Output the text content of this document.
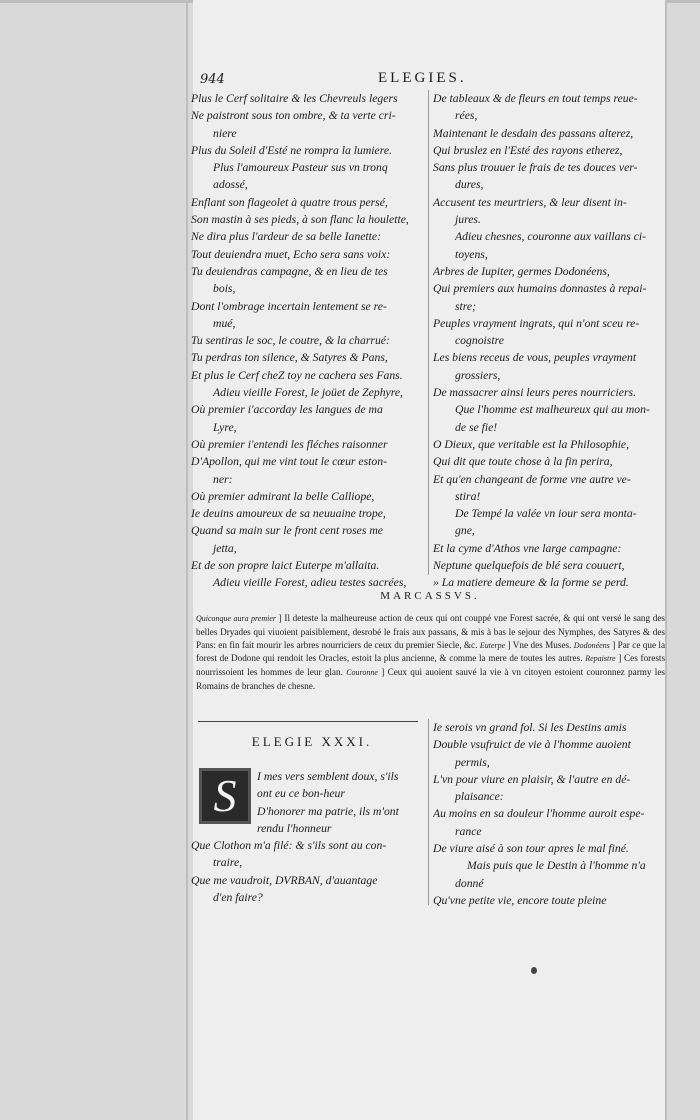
944	ELEGIES.
Plus le Cerf solitaire & les Chevreuls legers
Ne paistront sous ton ombre, & ta verte cri-
niere
Plus du Soleil d'Esté ne rompra la lumiere.
Plus l'amoureux Pasteur sus vn tronq
adossé,
Enflant son flageolet à quatre trous persé,
Son mastin à ses pieds, à son flanc la houlette,
Ne dira plus l'ardeur de sa belle Ianette:
Tout deuiendra muet, Echo sera sans voix:
Tu deuiendras campagne, & en lieu de tes
bois,
Dont l'ombrage incertain lentement se re-
mué,
Tu sentiras le soc, le coutre, & la charrué:
Tu perdras ton silence, & Satyres & Pans,
Et plus le Cerf cheZ toy ne cachera ses Fans.
Adieu vieille Forest, le joüet de Zephyre,
Où premier i'accorday les langues de ma
Lyre,
Où premier i'entendi les fléches raisonner
D'Apollon, qui me vint tout le cœur eston-
ner:
Où premier admirant la belle Calliope,
Ie deuins amoureux de sa neuuaine trope,
Quand sa main sur le front cent roses me
jetta,
Et de son propre laict Euterpe m'allaita.
Adieu vieille Forest, adieu testes sacrées,
De tableaux & de fleurs en tout temps reue-
rées,
Maintenant le desdain des passans alterez,
Qui bruslez en l'Esté des rayons etherez,
Sans plus trouuer le frais de tes douces ver-
dures,
Accusent tes meurtriers, & leur disent in-
jures.
Adieu chesnes, couronne aux vaillans ci-
toyens,
Arbres de Iupiter, germes Dodonéens,
Qui premiers aux humains donnastes à repai-
stre;
Peuples vrayment ingrats, qui n'ont sceu re-
cognoistre
Les biens receus de vous, peuples vrayment
grossiers,
De massacrer ainsi leurs peres nourriciers.
Que l'homme est malheureux qui au mon-
de se fie!
O Dieux, que veritable est la Philosophie,
Qui dit que toute chose à la fin perira,
Et qu'en changeant de forme vne autre ve-
stira!
De Tempé la valée vn iour sera monta-
gne,
Et la cyme d'Athos vne large campagne:
Neptune quelquefois de blé sera couuert,
» La matiere demeure & la forme se perd.
MARCASSVS.
Quiconque aura premier ] Il deteste la malheureuse action de ceux qui ont couppé vne Forest sacrée, & qui ont versé le sang des belles Dryades qui viuoient paisiblement, desrobé le frais aux passans, & mis à bas le sejour des Nymphes, des Satyres & des Pans: en fin fait mourir les arbres nourriciers de ceux du premier Siecle, &c. Euterpe ] Vne des Muses. Dodonéens ] Par ce que la forest de Dodone qui rendoit les Oracles, estoit la plus ancienne, & comme la mere de toutes les autres. Repaistre ] Ces forests nourrissoient les hommes de leur glan. Couronne ] Ceux qui auoient sauvé la vie à vn citoyen estoient couronnez parmy les Romains de branches de chesne.
ELEGIE XXXI.
I mes vers semblent doux, s'ils
ont eu ce bon-heur
D'honorer ma patrie, ils m'ont
rendu l'honneur
Que Clothon m'a filé: & s'ils sont au con-
traire,
Que me vaudroit, DVRBAN, d'auantage
d'en faire?
S
Ie serois vn grand fol. Si les Destins amis
Double vsufruict de vie à l'homme auoient
permis,
L'vn pour viure en plaisir, & l'autre en dé-
plaisance:
Au moins en sa douleur l'homme auroit espe-
rance
De viure aisé à son tour apres le mal finé.
Mais puis que le Destin à l'homme n'a
donné
Qu'vne petite vie, encore toute pleine
